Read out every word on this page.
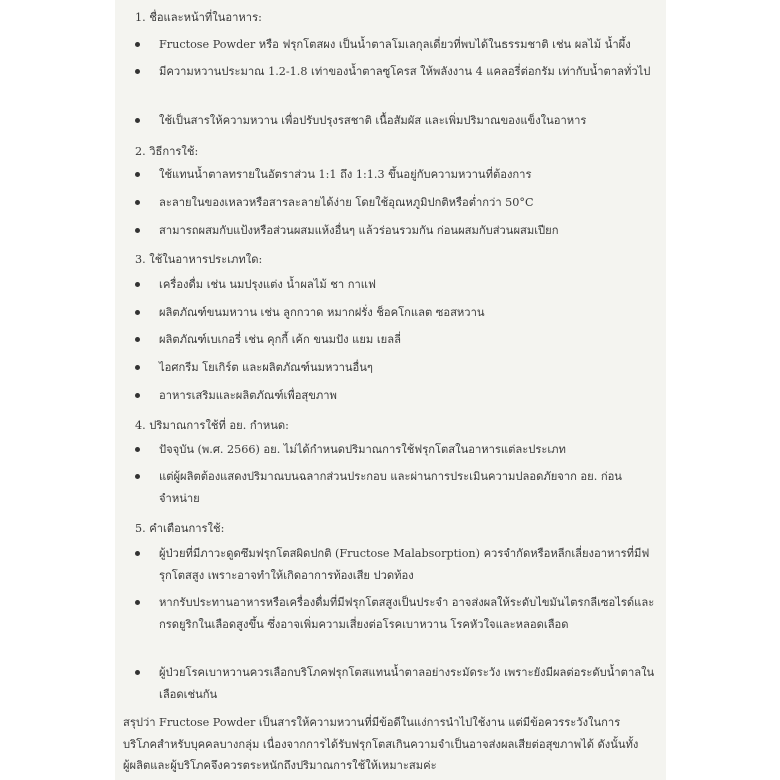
1. ชื่อและหน้าที่ในอาหาร:
Fructose Powder หรือ ฟรุกโตสผง เป็นน้ำตาลโมเลกุลเดี่ยวที่พบได้ในธรรมชาติ เช่น ผลไม้ น้ำผึ้ง
มีความหวานประมาณ 1.2-1.8 เท่าของน้ำตาลซูโครส ให้พลังงาน 4 แคลอรี่ต่อกรัม เท่ากับน้ำตาลทั่วไป
ใช้เป็นสารให้ความหวาน เพื่อปรับปรุงรสชาติ เนื้อสัมผัส และเพิ่มปริมาณของแข็งในอาหาร
2. วิธีการใช้:
ใช้แทนน้ำตาลทรายในอัตราส่วน 1:1 ถึง 1:1.3 ขึ้นอยู่กับความหวานที่ต้องการ
ละลายในของเหลวหรือสารละลายได้ง่าย โดยใช้อุณหภูมิปกติหรือต่ำกว่า 50°C
สามารถผสมกับแป้งหรือส่วนผสมแห้งอื่นๆ แล้วร่อนรวมกัน ก่อนผสมกับส่วนผสมเปียก
3. ใช้ในอาหารประเภทใด:
เครื่องดื่ม เช่น นมปรุงแต่ง น้ำผลไม้ ชา กาแฟ
ผลิตภัณฑ์ขนมหวาน เช่น ลูกกวาด หมากฝรั่ง ช็อคโกแลต ซอสหวาน
ผลิตภัณฑ์เบเกอรี่ เช่น คุกกี้ เค้ก ขนมปัง แยม เยลลี่
ไอศกรีม โยเกิร์ต และผลิตภัณฑ์นมหวานอื่นๆ
อาหารเสริมและผลิตภัณฑ์เพื่อสุขภาพ
4. ปริมาณการใช้ที่ อย. กำหนด:
ปัจจุบัน (พ.ศ. 2566) อย. ไม่ได้กำหนดปริมาณการใช้ฟรุกโตสในอาหารแต่ละประเภท
แต่ผู้ผลิตต้องแสดงปริมาณบนฉลากส่วนประกอบ และผ่านการประเมินความปลอดภัยจาก อย. ก่อนจำหน่าย
5. คำเตือนการใช้:
ผู้ป่วยที่มีภาวะดูดซึมฟรุกโตสผิดปกติ (Fructose Malabsorption) ควรจำกัดหรือหลีกเลี่ยงอาหารที่มีฟรุกโตสสูง เพราะอาจทำให้เกิดอาการท้องเสีย ปวดท้อง
หากรับประทานอาหารหรือเครื่องดื่มที่มีฟรุกโตสสูงเป็นประจำ อาจส่งผลให้ระดับไขมันไตรกลีเซอไรด์และกรดยูริกในเลือดสูงขึ้น ซึ่งอาจเพิ่มความเสี่ยงต่อโรคเบาหวาน โรคหัวใจและหลอดเลือด
ผู้ป่วยโรคเบาหวานควรเลือกบริโภคฟรุกโตสแทนน้ำตาลอย่างระมัดระวัง เพราะยังมีผลต่อระดับน้ำตาลในเลือดเช่นกัน
สรุปว่า Fructose Powder เป็นสารให้ความหวานที่มีข้อดีในแง่การนำไปใช้งาน แต่มีข้อควรระวังในการบริโภคสำหรับบุคคลบางกลุ่ม เนื่องจากการได้รับฟรุกโตสเกินความจำเป็นอาจส่งผลเสียต่อสุขภาพได้ ดังนั้นทั้งผู้ผลิตและผู้บริโภคจึงควรตระหนักถึงปริมาณการใช้ให้เหมาะสมค่ะ
